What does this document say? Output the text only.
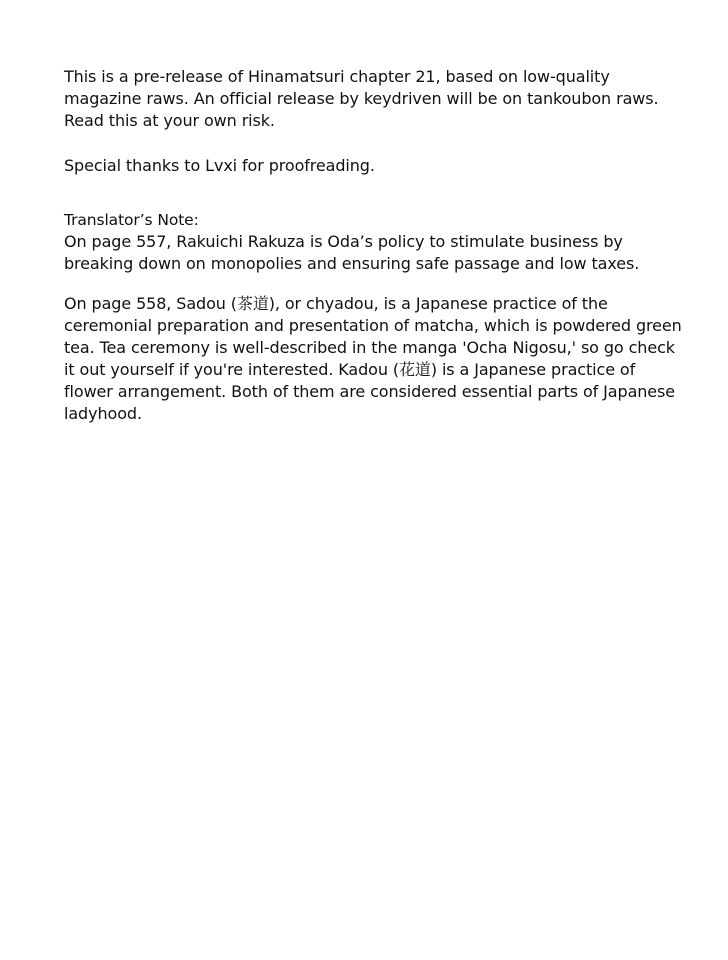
This is a pre-release of Hinamatsuri chapter 21, based on low-quality magazine raws. An official release by keydriven will be on tankoubon raws. Read this at your own risk.

Special thanks to Lvxi for proofreading.

Translator’s Note:

On page 557, Rakuichi Rakuza is Oda’s policy to stimulate business by breaking down on monopolies and ensuring safe passage and low taxes.

On page 558, Sadou (茶道), or chyadou, is a Japanese practice of the ceremonial preparation and presentation of matcha, which is powdered green tea. Tea ceremony is well-described in the manga 'Ocha Nigosu,' so go check it out yourself if you're interested. Kadou (花道) is a Japanese practice of flower arrangement. Both of them are considered essential parts of Japanese ladyhood.
